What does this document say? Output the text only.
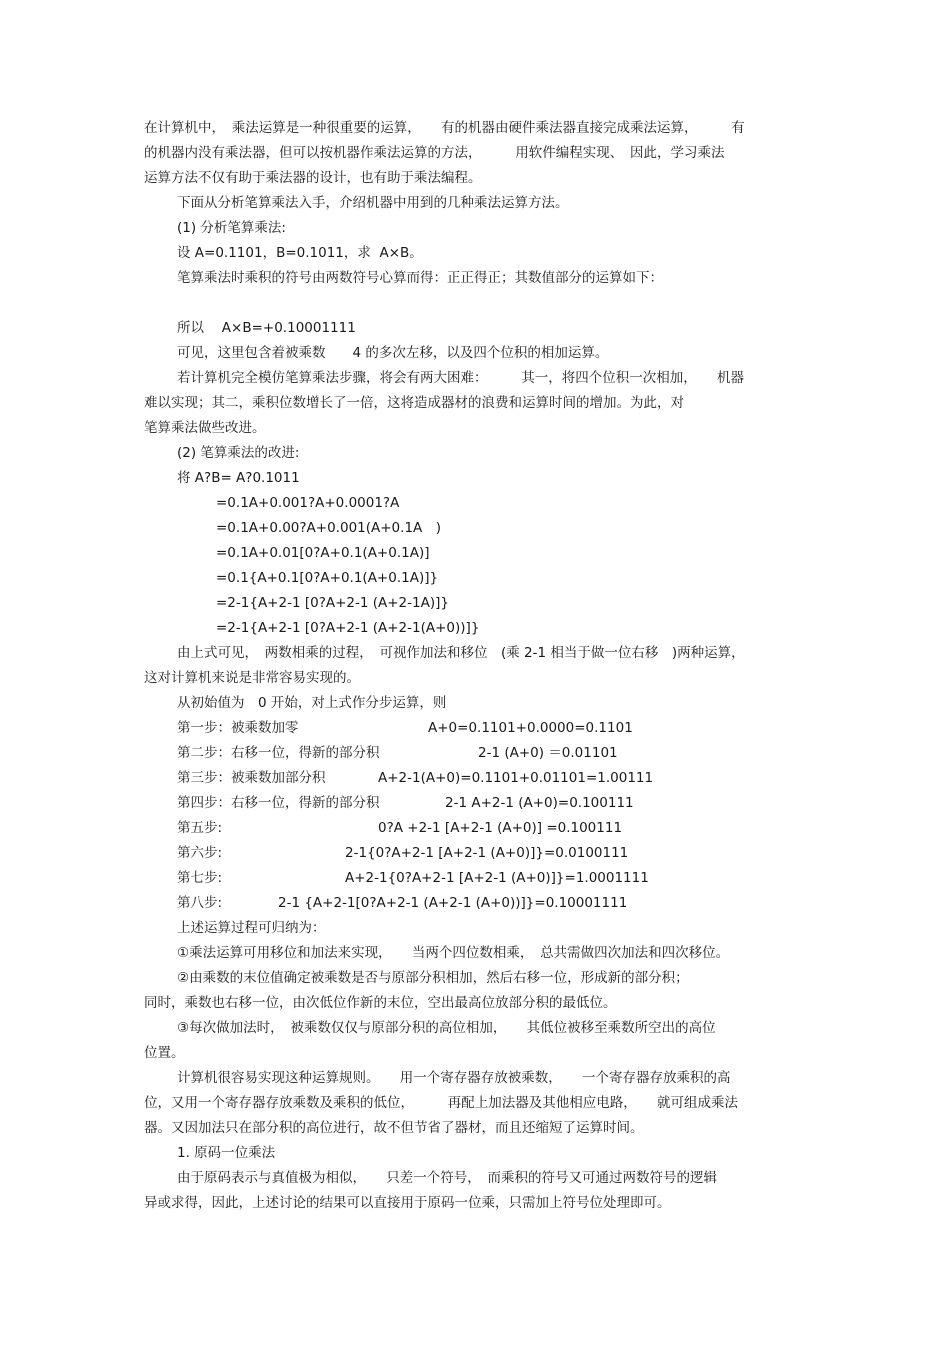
在计算机中，　乘法运算是一种很重要的运算，　　有的机器由硬件乘法器直接完成乘法运算，　　　有
的机器内没有乘法器，但可以按机器作乘法运算的方法，　　　用软件编程实现、　因此，学习乘法
运算方法不仅有助于乘法器的设计，也有助于乘法编程。
下面从分析笔算乘法入手，介绍机器中用到的几种乘法运算方法。
(1) 分析笔算乘法:
设 A=0.1101，B=0.1011，求  A×B。
笔算乘法时乘积的符号由两数符号心算而得：正正得正；其数值部分的运算如下：
所以　 A×B=+0.10001111
可见，这里包含着被乘数　　4 的多次左移，以及四个位积的相加运算。
若计算机完全模仿笔算乘法步骤，将会有两大困难：　　　其一，将四个位积一次相加，　　机器
难以实现；其二，乘积位数增长了一倍，这将造成器材的浪费和运算时间的增加。为此，对
笔算乘法做些改进。
(2) 笔算乘法的改进:
将 A?B= A?0.1011
=0.1A+0.001?A+0.0001?A
=0.1A+0.00?A+0.001(A+0.1A　)
=0.1A+0.01[0?A+0.1(A+0.1A)]
=0.1{A+0.1[0?A+0.1(A+0.1A)]}
=2-1{A+2-1 [0?A+2-1 (A+2-1A)]}
=2-1{A+2-1 [0?A+2-1 (A+2-1(A+0))]}
由上式可见，　两数相乘的过程，　可视作加法和移位　(乘 2-1 相当于做一位右移　)两种运算，
这对计算机来说是非常容易实现的。
从初始值为　0 开始，对上式作分步运算，则
第一步：被乘数加零	A+0=0.1101+0.0000=0.1101
第二步：右移一位，得新的部分积	2-1 (A+0) ＝0.01101
第三步：被乘数加部分积	A+2-1(A+0)=0.1101+0.01101=1.00111
第四步：右移一位，得新的部分积	2-1 A+2-1 (A+0)=0.100111
第五步:	0?A +2-1 [A+2-1 (A+0)] =0.100111
第六步:	2-1{0?A+2-1 [A+2-1 (A+0)]}=0.0100111
第七步:	A+2-1{0?A+2-1 [A+2-1 (A+0)]}=1.0001111
第八步:	2-1 {A+2-1[0?A+2-1 (A+2-1 (A+0))]}=0.10001111
上述运算过程可归纳为：
①乘法运算可用移位和加法来实现，　　当两个四位数相乘，　总共需做四次加法和四次移位。
②由乘数的末位值确定被乘数是否与原部分积相加，然后右移一位，形成新的部分积；
同时，乘数也右移一位，由次低位作新的末位，空出最高位放部分积的最低位。
③每次做加法时，　被乘数仅仅与原部分积的高位相加，　　其低位被移至乘数所空出的高位
位置。
计算机很容易实现这种运算规则。　　用一个寄存器存放被乘数，　　一个寄存器存放乘积的高
位，又用一个寄存器存放乘数及乘积的低位，　　　再配上加法器及其他相应电路，　　就可组成乘法
器。又因加法只在部分积的高位进行，故不但节省了器材，而且还缩短了运算时间。
1. 原码一位乘法
由于原码表示与真值极为相似，　　只差一个符号，　而乘积的符号又可通过两数符号的逻辑
异或求得，因此，上述讨论的结果可以直接用于原码一位乘，只需加上符号位处理即可。
